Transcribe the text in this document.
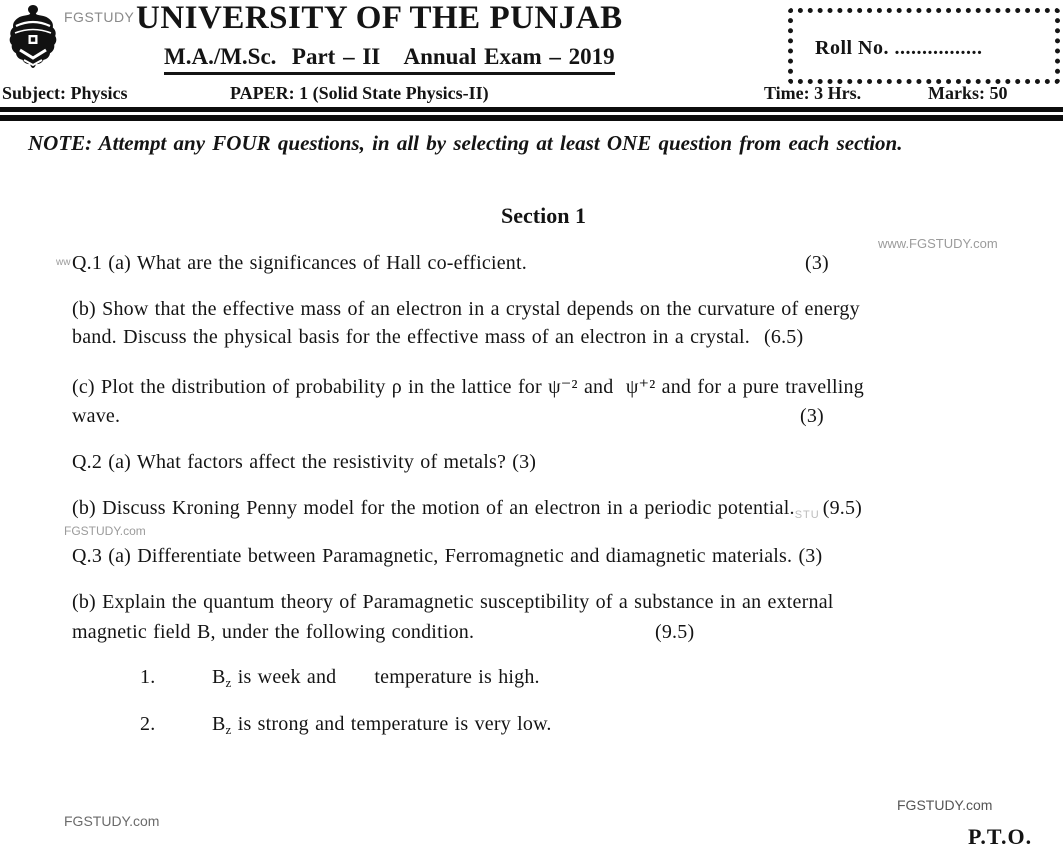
FGSTUDY UNIVERSITY OF THE PUNJAB
M.A./M.Sc.  Part – II   Annual Exam – 2019	Roll No. ................
Subject: Physics	PAPER: 1 (Solid State Physics-II)	Time: 3 Hrs.	Marks: 50
NOTE: Attempt any FOUR questions, in all by selecting at least ONE question from each section.
Section 1
www.FGSTUDY.com
ww Q.1 (a) What are the significances of Hall co-efficient.	(3)
(b) Show that the effective mass of an electron in a crystal depends on the curvature of energy
band. Discuss the physical basis for the effective mass of an electron in a crystal. (6.5)
(c) Plot the distribution of probability ρ in the lattice for ψ⁻² and  ψ⁺² and for a pure travelling
wave.	(3)
Q.2 (a) What factors affect the resistivity of metals? (3)
(b) Discuss Kroning Penny model for the motion of an electron in a periodic $potential._{STU}$ (9.5)
FGSTUDY.com
Q.3 (a) Differentiate between Paramagnetic, Ferromagnetic and diamagnetic materials. (3)
(b) Explain the quantum theory of Paramagnetic susceptibility of a substance in an external
magnetic field B, under the following condition.	(9.5)
1.	$B_z$ is week and temperature is high.
2.	$B_z$ is strong and temperature is very low.
FGSTUDY.com
FGSTUDY.com
P.T.O.
